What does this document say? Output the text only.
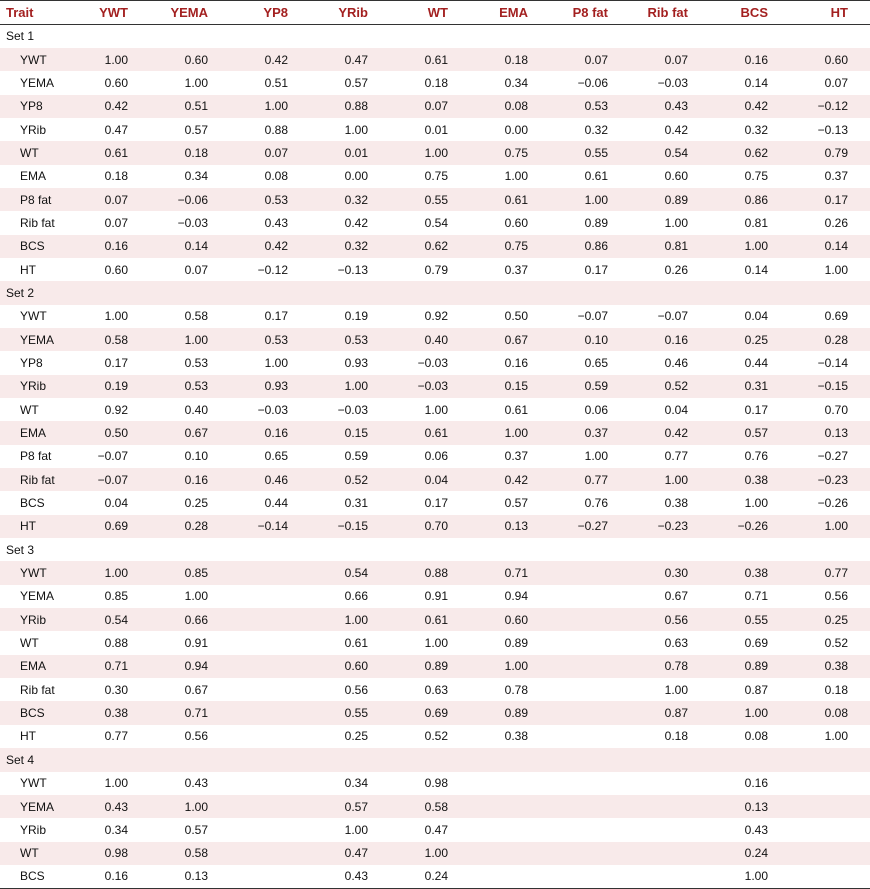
Trait	YWT	YEMA	YP8	YRib	WT	EMA	P8 fat	Rib fat	BCS	HT
Set 1										
YWT	1.00	0.60	0.42	0.47	0.61	0.18	0.07	0.07	0.16	0.60
YEMA	0.60	1.00	0.51	0.57	0.18	0.34	−0.06	−0.03	0.14	0.07
YP8	0.42	0.51	1.00	0.88	0.07	0.08	0.53	0.43	0.42	−0.12
YRib	0.47	0.57	0.88	1.00	0.01	0.00	0.32	0.42	0.32	−0.13
WT	0.61	0.18	0.07	0.01	1.00	0.75	0.55	0.54	0.62	0.79
EMA	0.18	0.34	0.08	0.00	0.75	1.00	0.61	0.60	0.75	0.37
P8 fat	0.07	−0.06	0.53	0.32	0.55	0.61	1.00	0.89	0.86	0.17
Rib fat	0.07	−0.03	0.43	0.42	0.54	0.60	0.89	1.00	0.81	0.26
BCS	0.16	0.14	0.42	0.32	0.62	0.75	0.86	0.81	1.00	0.14
HT	0.60	0.07	−0.12	−0.13	0.79	0.37	0.17	0.26	0.14	1.00
Set 2										
YWT	1.00	0.58	0.17	0.19	0.92	0.50	−0.07	−0.07	0.04	0.69
YEMA	0.58	1.00	0.53	0.53	0.40	0.67	0.10	0.16	0.25	0.28
YP8	0.17	0.53	1.00	0.93	−0.03	0.16	0.65	0.46	0.44	−0.14
YRib	0.19	0.53	0.93	1.00	−0.03	0.15	0.59	0.52	0.31	−0.15
WT	0.92	0.40	−0.03	−0.03	1.00	0.61	0.06	0.04	0.17	0.70
EMA	0.50	0.67	0.16	0.15	0.61	1.00	0.37	0.42	0.57	0.13
P8 fat	−0.07	0.10	0.65	0.59	0.06	0.37	1.00	0.77	0.76	−0.27
Rib fat	−0.07	0.16	0.46	0.52	0.04	0.42	0.77	1.00	0.38	−0.23
BCS	0.04	0.25	0.44	0.31	0.17	0.57	0.76	0.38	1.00	−0.26
HT	0.69	0.28	−0.14	−0.15	0.70	0.13	−0.27	−0.23	−0.26	1.00
Set 3										
YWT	1.00	0.85		0.54	0.88	0.71		0.30	0.38	0.77
YEMA	0.85	1.00		0.66	0.91	0.94		0.67	0.71	0.56
YRib	0.54	0.66		1.00	0.61	0.60		0.56	0.55	0.25
WT	0.88	0.91		0.61	1.00	0.89		0.63	0.69	0.52
EMA	0.71	0.94		0.60	0.89	1.00		0.78	0.89	0.38
Rib fat	0.30	0.67		0.56	0.63	0.78		1.00	0.87	0.18
BCS	0.38	0.71		0.55	0.69	0.89		0.87	1.00	0.08
HT	0.77	0.56		0.25	0.52	0.38		0.18	0.08	1.00
Set 4										
YWT	1.00	0.43		0.34	0.98				0.16	
YEMA	0.43	1.00		0.57	0.58				0.13	
YRib	0.34	0.57		1.00	0.47				0.43	
WT	0.98	0.58		0.47	1.00				0.24	
BCS	0.16	0.13		0.43	0.24				1.00	
